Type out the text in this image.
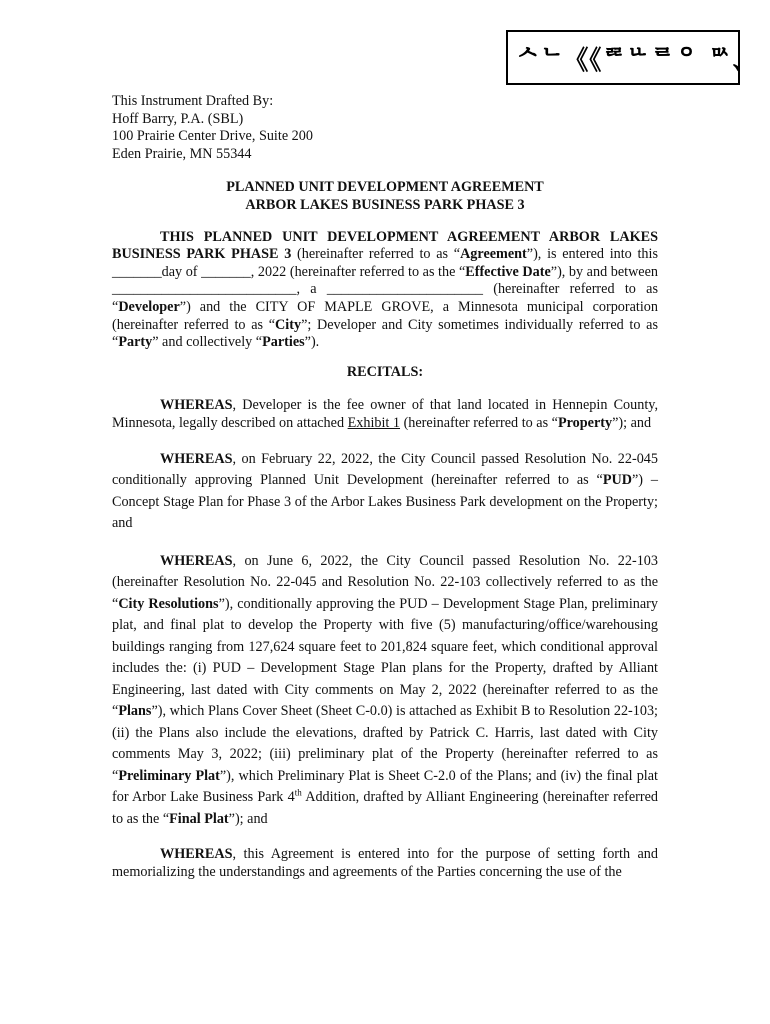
ᄉᄂ《《ᄙᄔᄅᄋ ᄆᄉ、

This Instrument Drafted By:

Hoff Barry, P.A. (SBL)

100 Prairie Center Drive, Suite 200

Eden Prairie, MN 55344

PLANNED UNIT DEVELOPMENT AGREEMENT

ARBOR LAKES BUSINESS PARK PHASE 3

THIS PLANNED UNIT DEVELOPMENT AGREEMENT ARBOR LAKES BUSINESS PARK PHASE 3 (hereinafter referred to as “Agreement”), is entered into this _______day of _______, 2022 (hereinafter referred to as the “Effective Date”), by and between __________________________, a ______________________ (hereinafter referred to as “Developer”) and the CITY OF MAPLE GROVE, a Minnesota municipal corporation (hereinafter referred to as “City”; Developer and City sometimes individually referred to as “Party” and collectively “Parties”).

RECITALS:

WHEREAS, Developer is the fee owner of that land located in Hennepin County, Minnesota, legally described on attached Exhibit 1 (hereinafter referred to as “Property”); and

WHEREAS, on February 22, 2022, the City Council passed Resolution No. 22-045 conditionally approving Planned Unit Development (hereinafter referred to as “PUD”) – Concept Stage Plan for Phase 3 of the Arbor Lakes Business Park development on the Property; and

WHEREAS, on June 6, 2022, the City Council passed Resolution No. 22-103 (hereinafter Resolution No. 22-045 and Resolution No. 22-103 collectively referred to as the “City Resolutions”), conditionally approving the PUD – Development Stage Plan, preliminary plat, and final plat to develop the Property with five (5) manufacturing/office/warehousing buildings ranging from 127,624 square feet to 201,824 square feet, which conditional approval includes the: (i) PUD – Development Stage Plan plans for the Property, drafted by Alliant Engineering, last dated with City comments on May 2, 2022 (hereinafter referred to as the “Plans”), which Plans Cover Sheet (Sheet C-0.0) is attached as Exhibit B to Resolution 22-103; (ii) the Plans also include the elevations, drafted by Patrick C. Harris, last dated with City comments May 3, 2022; (iii) preliminary plat of the Property (hereinafter referred to as “Preliminary Plat”), which Preliminary Plat is Sheet C-2.0 of the Plans; and (iv) the final plat for Arbor Lake Business Park 4th Addition, drafted by Alliant Engineering (hereinafter referred to as the “Final Plat”); and

WHEREAS, this Agreement is entered into for the purpose of setting forth and memorializing the understandings and agreements of the Parties concerning the use of the
